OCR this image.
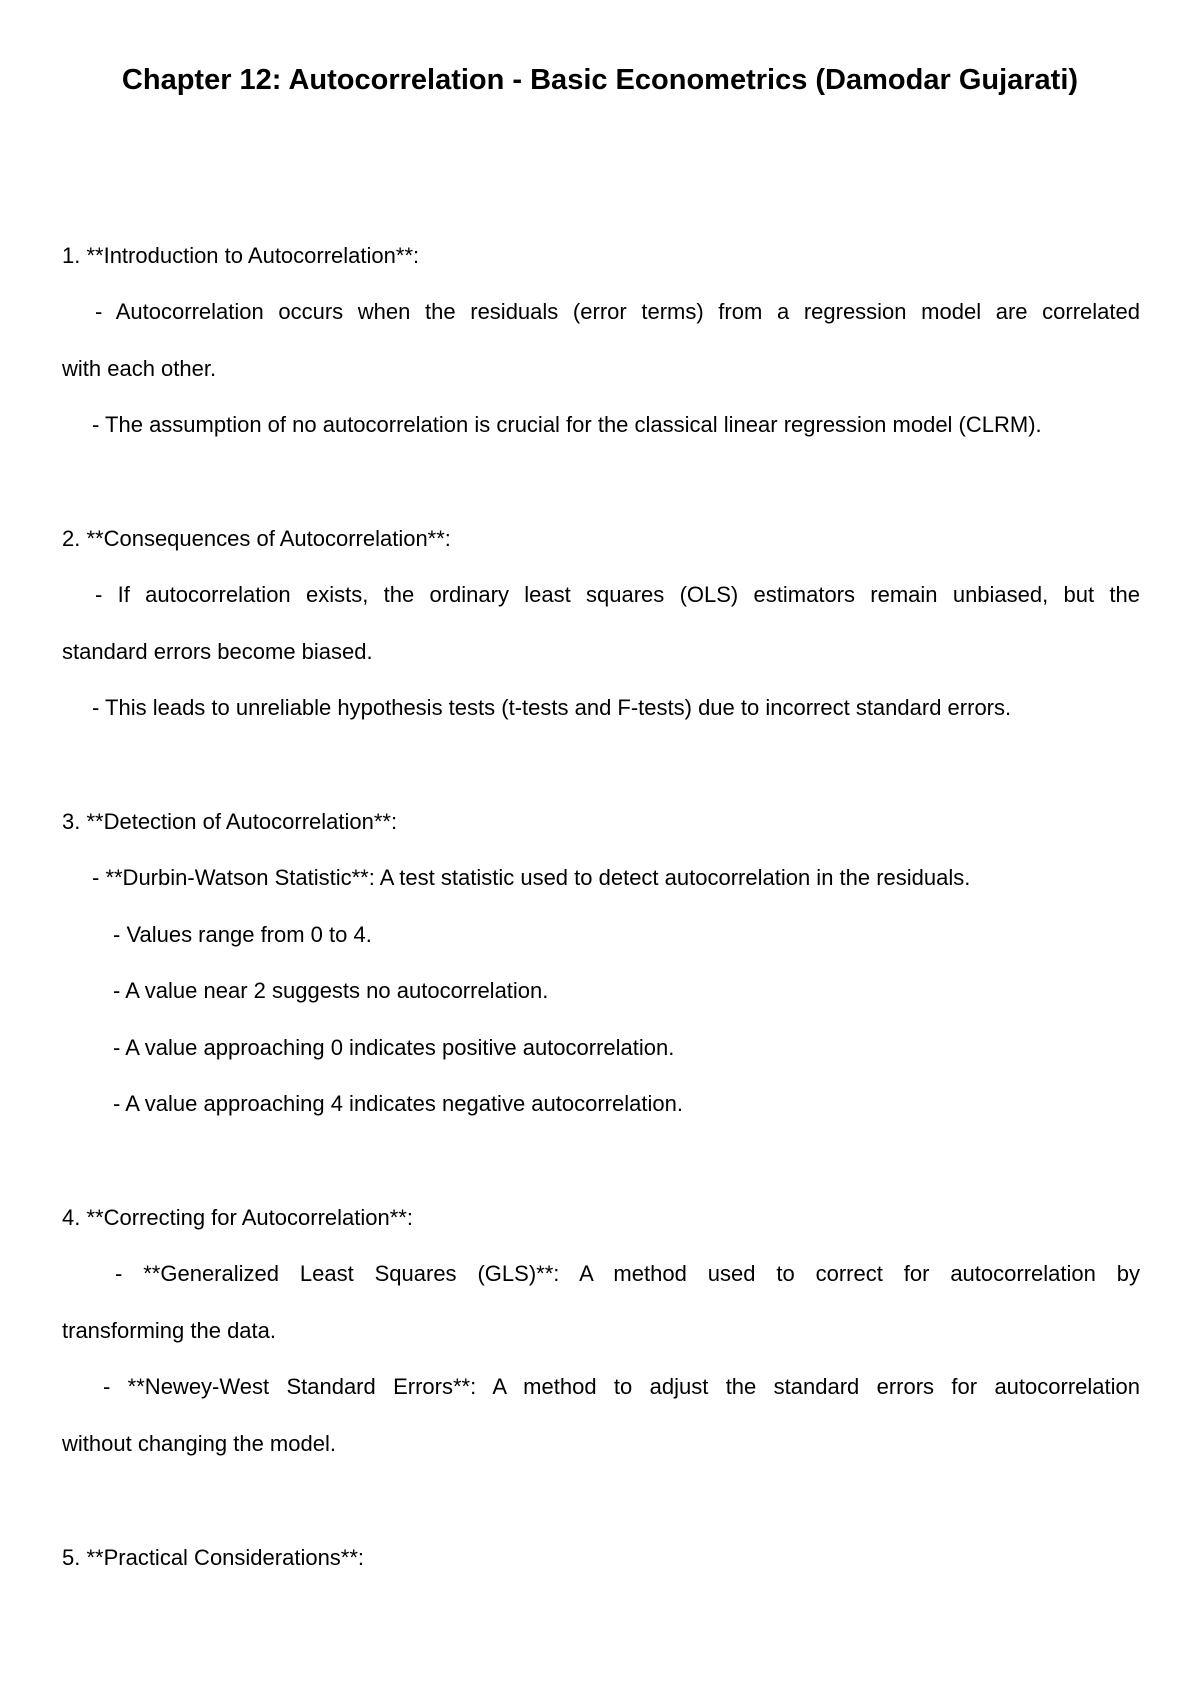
Chapter 12: Autocorrelation - Basic Econometrics (Damodar Gujarati)

1. **Introduction to Autocorrelation**:

- Autocorrelation occurs when the residuals (error terms) from a regression model are correlated

with each other.

- The assumption of no autocorrelation is crucial for the classical linear regression model (CLRM).

2. **Consequences of Autocorrelation**:

- If autocorrelation exists, the ordinary least squares (OLS) estimators remain unbiased, but the

standard errors become biased.

- This leads to unreliable hypothesis tests (t-tests and F-tests) due to incorrect standard errors.

3. **Detection of Autocorrelation**:

- **Durbin-Watson Statistic**: A test statistic used to detect autocorrelation in the residuals.

- Values range from 0 to 4.

- A value near 2 suggests no autocorrelation.

- A value approaching 0 indicates positive autocorrelation.

- A value approaching 4 indicates negative autocorrelation.

4. **Correcting for Autocorrelation**:

- **Generalized Least Squares (GLS)**: A method used to correct for autocorrelation by

transforming the data.

- **Newey-West Standard Errors**: A method to adjust the standard errors for autocorrelation

without changing the model.

5. **Practical Considerations**:
